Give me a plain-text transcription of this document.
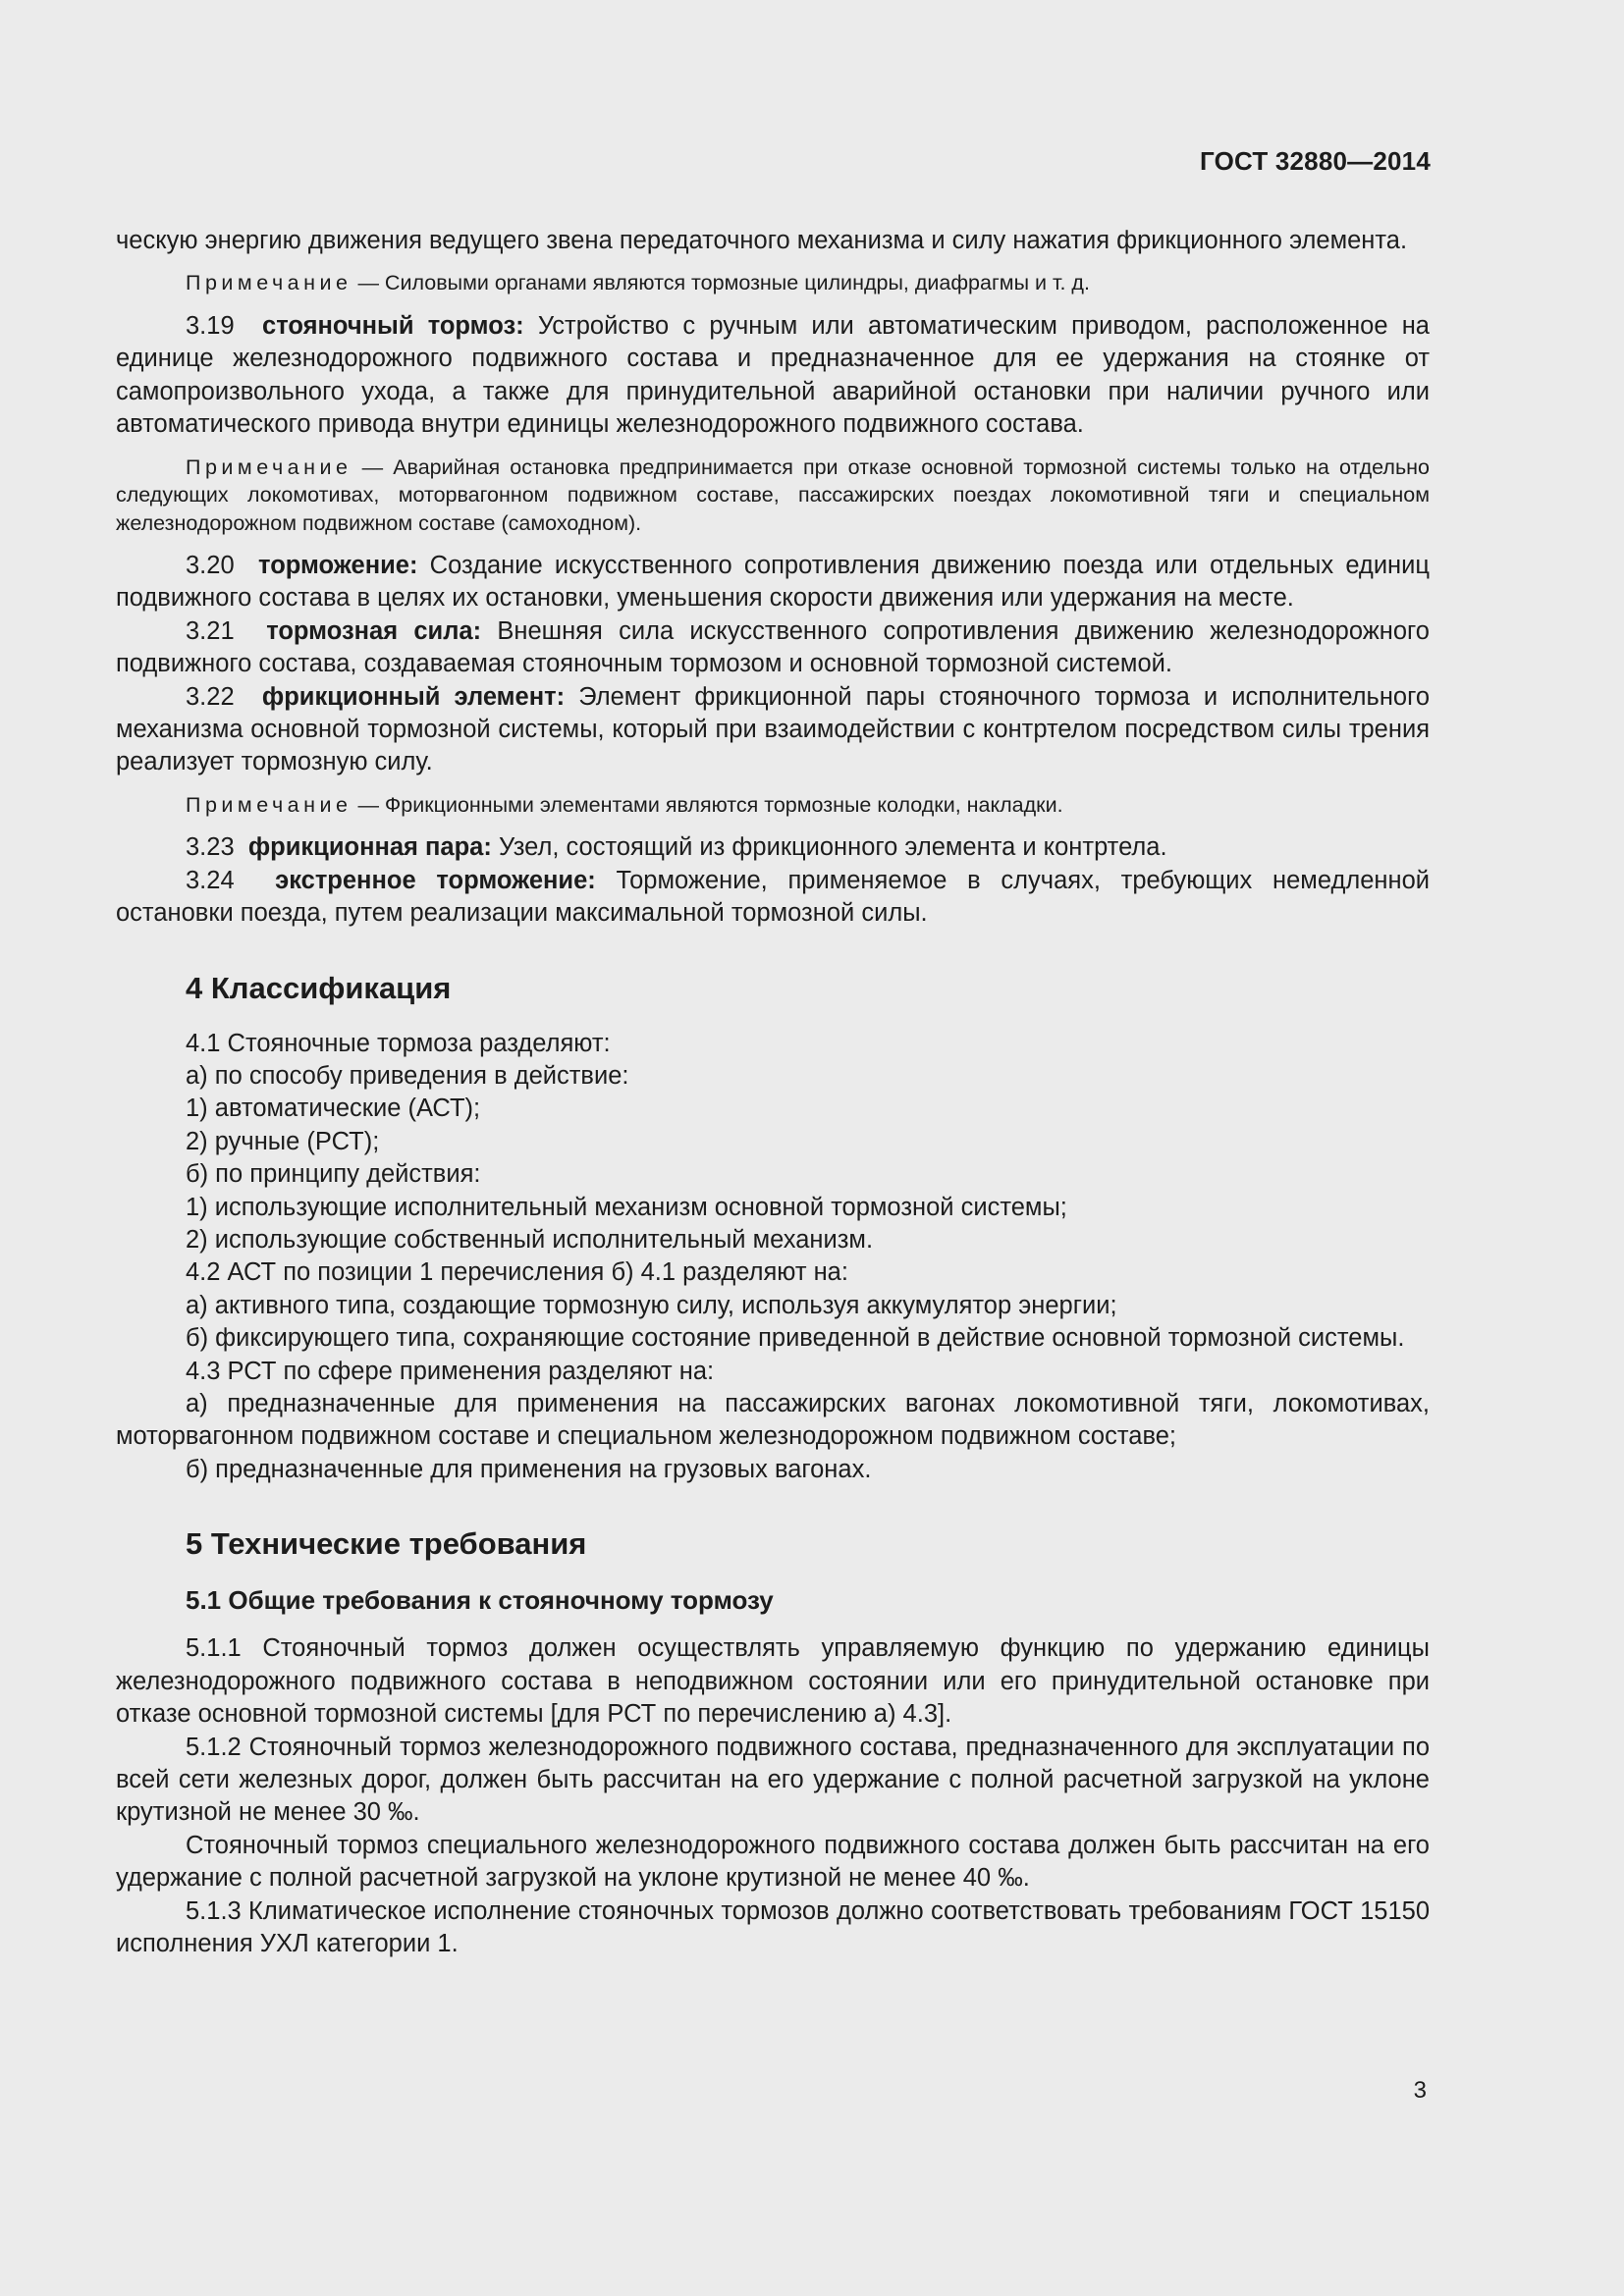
ГОСТ 32880—2014

ческую энергию движения ведущего звена передаточного механизма и силу нажатия фрикционного элемента.

Примечание — Силовыми органами являются тормозные цилиндры, диафрагмы и т. д.

3.19 стояночный тормоз: Устройство с ручным или автоматическим приводом, расположенное на единице железнодорожного подвижного состава и предназначенное для ее удержания на стоянке от самопроизвольного ухода, а также для принудительной аварийной остановки при наличии ручного или автоматического привода внутри единицы железнодорожного подвижного состава.

Примечание — Аварийная остановка предпринимается при отказе основной тормозной системы только на отдельно следующих локомотивах, моторвагонном подвижном составе, пассажирских поездах локомотивной тяги и специальном железнодорожном подвижном составе (самоходном).

3.20 торможение: Создание искусственного сопротивления движению поезда или отдельных единиц подвижного состава в целях их остановки, уменьшения скорости движения или удержания на месте.

3.21 тормозная сила: Внешняя сила искусственного сопротивления движению железнодорожного подвижного состава, создаваемая стояночным тормозом и основной тормозной системой.

3.22 фрикционный элемент: Элемент фрикционной пары стояночного тормоза и исполнительного механизма основной тормозной системы, который при взаимодействии с контртелом посредством силы трения реализует тормозную силу.

Примечание — Фрикционными элементами являются тормозные колодки, накладки.

3.23 фрикционная пара: Узел, состоящий из фрикционного элемента и контртела.

3.24 экстренное торможение: Торможение, применяемое в случаях, требующих немедленной остановки поезда, путем реализации максимальной тормозной силы.

4 Классификация

4.1 Стояночные тормоза разделяют:

а) по способу приведения в действие:

1) автоматические (АСТ);

2) ручные (РСТ);

б) по принципу действия:

1) использующие исполнительный механизм основной тормозной системы;

2) использующие собственный исполнительный механизм.

4.2 АСТ по позиции 1 перечисления б) 4.1 разделяют на:

а) активного типа, создающие тормозную силу, используя аккумулятор энергии;

б) фиксирующего типа, сохраняющие состояние приведенной в действие основной тормозной системы.

4.3 РСТ по сфере применения разделяют на:

а) предназначенные для применения на пассажирских вагонах локомотивной тяги, локомотивах, моторвагонном подвижном составе и специальном железнодорожном подвижном составе;

б) предназначенные для применения на грузовых вагонах.

5 Технические требования
5.1 Общие требования к стояночному тормозу

5.1.1 Стояночный тормоз должен осуществлять управляемую функцию по удержанию единицы железнодорожного подвижного состава в неподвижном состоянии или его принудительной остановке при отказе основной тормозной системы [для РСТ по перечислению а) 4.3].

5.1.2 Стояночный тормоз железнодорожного подвижного состава, предназначенного для эксплуатации по всей сети железных дорог, должен быть рассчитан на его удержание с полной расчетной загрузкой на уклоне крутизной не менее 30 ‰.

Стояночный тормоз специального железнодорожного подвижного состава должен быть рассчитан на его удержание с полной расчетной загрузкой на уклоне крутизной не менее 40 ‰.

5.1.3 Климатическое исполнение стояночных тормозов должно соответствовать требованиям ГОСТ 15150 исполнения УХЛ категории 1.

3
